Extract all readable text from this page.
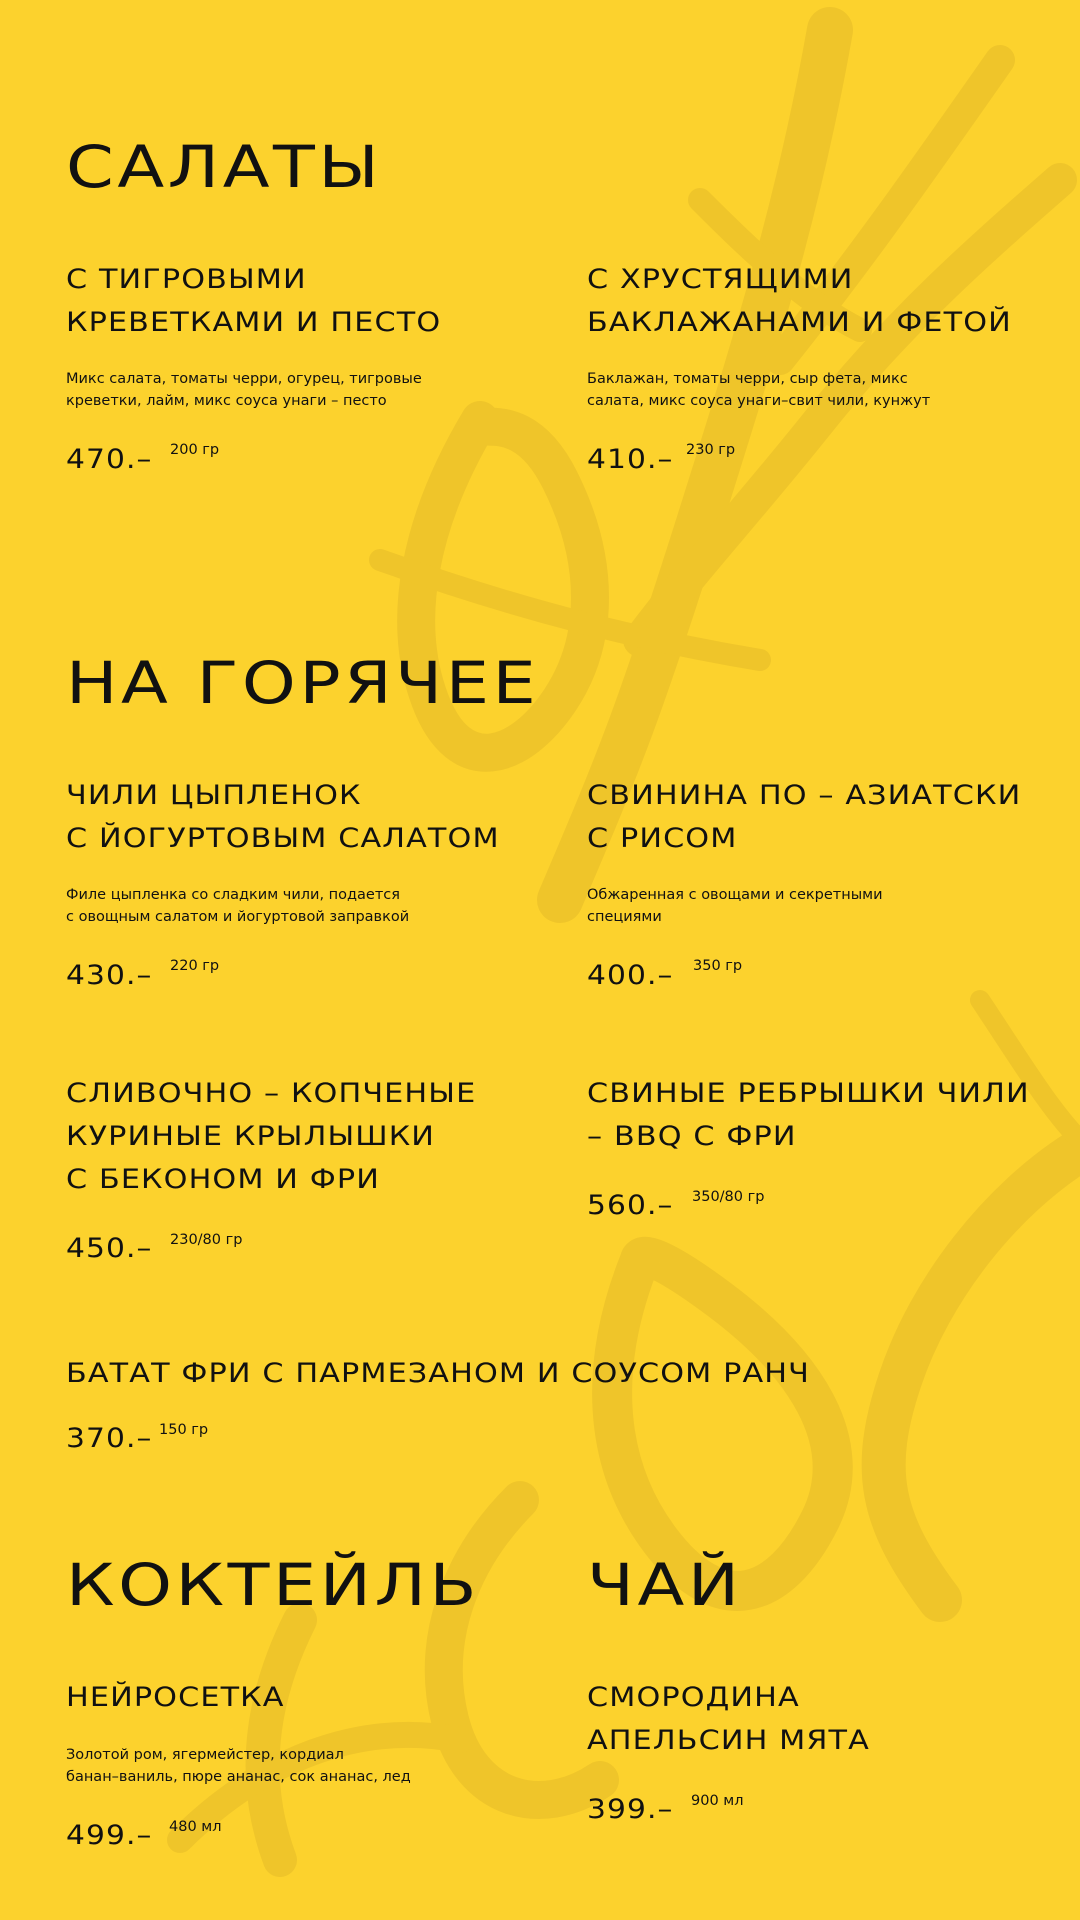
САЛАТЫ
С ТИГРОВЫМИ
КРЕВЕТКАМИ И ПЕСТО

Микс салата, томаты черри, огурец, тигровые
креветки, лайм, микс соуса унаги – песто

470.– 200 гр
С ХРУСТЯЩИМИ
БАКЛАЖАНАМИ И ФЕТОЙ

Баклажан, томаты черри, сыр фета, микс
салата, микс соуса унаги–свит чили, кунжут

410.– 230 гр
НА ГОРЯЧЕЕ
ЧИЛИ ЦЫПЛЕНОК
С ЙОГУРТОВЫМ САЛАТОМ

Филе цыпленка со сладким чили, подается
с овощным салатом и йогуртовой заправкой

430.– 220 гр
СВИНИНА ПО – АЗИАТСКИ
С РИСОМ

Обжаренная с овощами и секретными
специями

400.– 350 гр
СЛИВОЧНО – КОПЧЕНЫЕ
КУРИНЫЕ КРЫЛЫШКИ
С БЕКОНОМ И ФРИ
450.– 230/80 гр
СВИНЫЕ РЕБРЫШКИ ЧИЛИ
– BBQ С ФРИ
560.– 350/80 гр
БАТАТ ФРИ С ПАРМЕЗАНОМ И СОУСОМ РАНЧ
370.– 150 гр
КОКТЕЙЛЬ
НЕЙРОСЕТКА

Золотой ром, ягермейстер, кордиал
банан–ваниль, пюре ананас, сок ананас, лед

499.– 480 мл
ЧАЙ
СМОРОДИНА
АПЕЛЬСИН МЯТА
399.– 900 мл
